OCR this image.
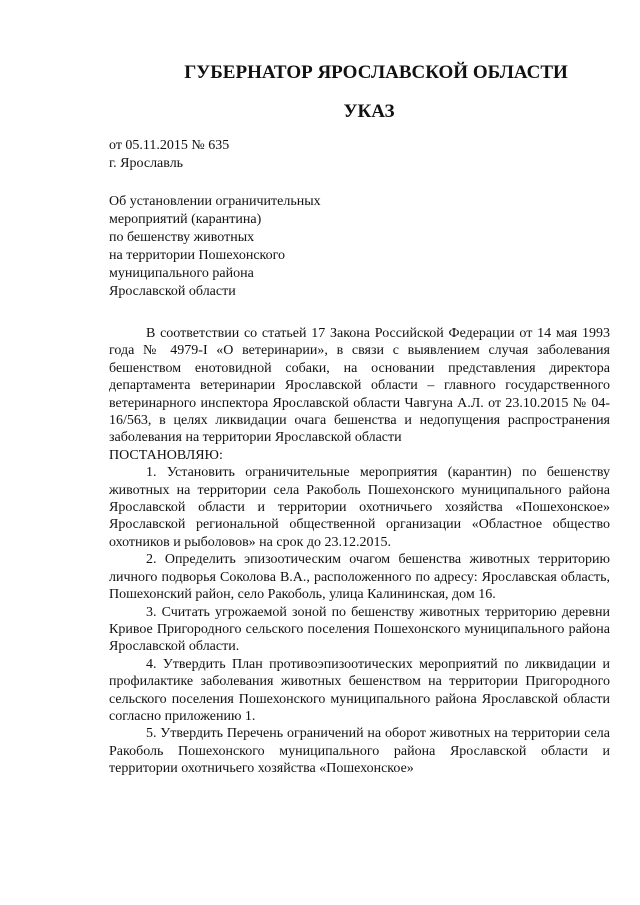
ГУБЕРНАТОР ЯРОСЛАВСКОЙ ОБЛАСТИ
УКАЗ
от 05.11.2015 № 635
г. Ярославль
Об установлении ограничительных
мероприятий (карантина)
по бешенству животных
на территории Пошехонского
муниципального района
Ярославской области

В соответствии со статьей 17 Закона Российской Федерации от 14 мая 1993 года № 4979-I «О ветеринарии», в связи с выявлением случая заболевания бешенством енотовидной собаки, на основании представления директора департамента ветеринарии Ярославской области – главного государственного ветеринарного инспектора Ярославской области Чавгуна А.Л. от 23.10.2015 № 04-16/563, в целях ликвидации очага бешенства и недопущения распространения заболевания на территории Ярославской области

ПОСТАНОВЛЯЮ:

1. Установить ограничительные мероприятия (карантин) по бешенству животных на территории села Ракоболь Пошехонского муниципального района Ярославской области и территории охотничьего хозяйства «Пошехонское» Ярославской региональной общественной организации «Областное общество охотников и рыболовов» на срок до 23.12.2015.

2. Определить эпизоотическим очагом бешенства животных территорию личного подворья Соколова В.А., расположенного по адресу: Ярославская область, Пошехонский район, село Ракоболь, улица Калининская, дом 16.

3. Считать угрожаемой зоной по бешенству животных территорию деревни Кривое Пригородного сельского поселения Пошехонского муниципального района Ярославской области.

4. Утвердить План противоэпизоотических мероприятий по ликвидации и профилактике заболевания животных бешенством на территории Пригородного сельского поселения Пошехонского муниципального района Ярославской области согласно приложению 1.

5. Утвердить Перечень ограничений на оборот животных на территории села Ракоболь Пошехонского муниципального района Ярославской области и территории охотничьего хозяйства «Пошехонское»
